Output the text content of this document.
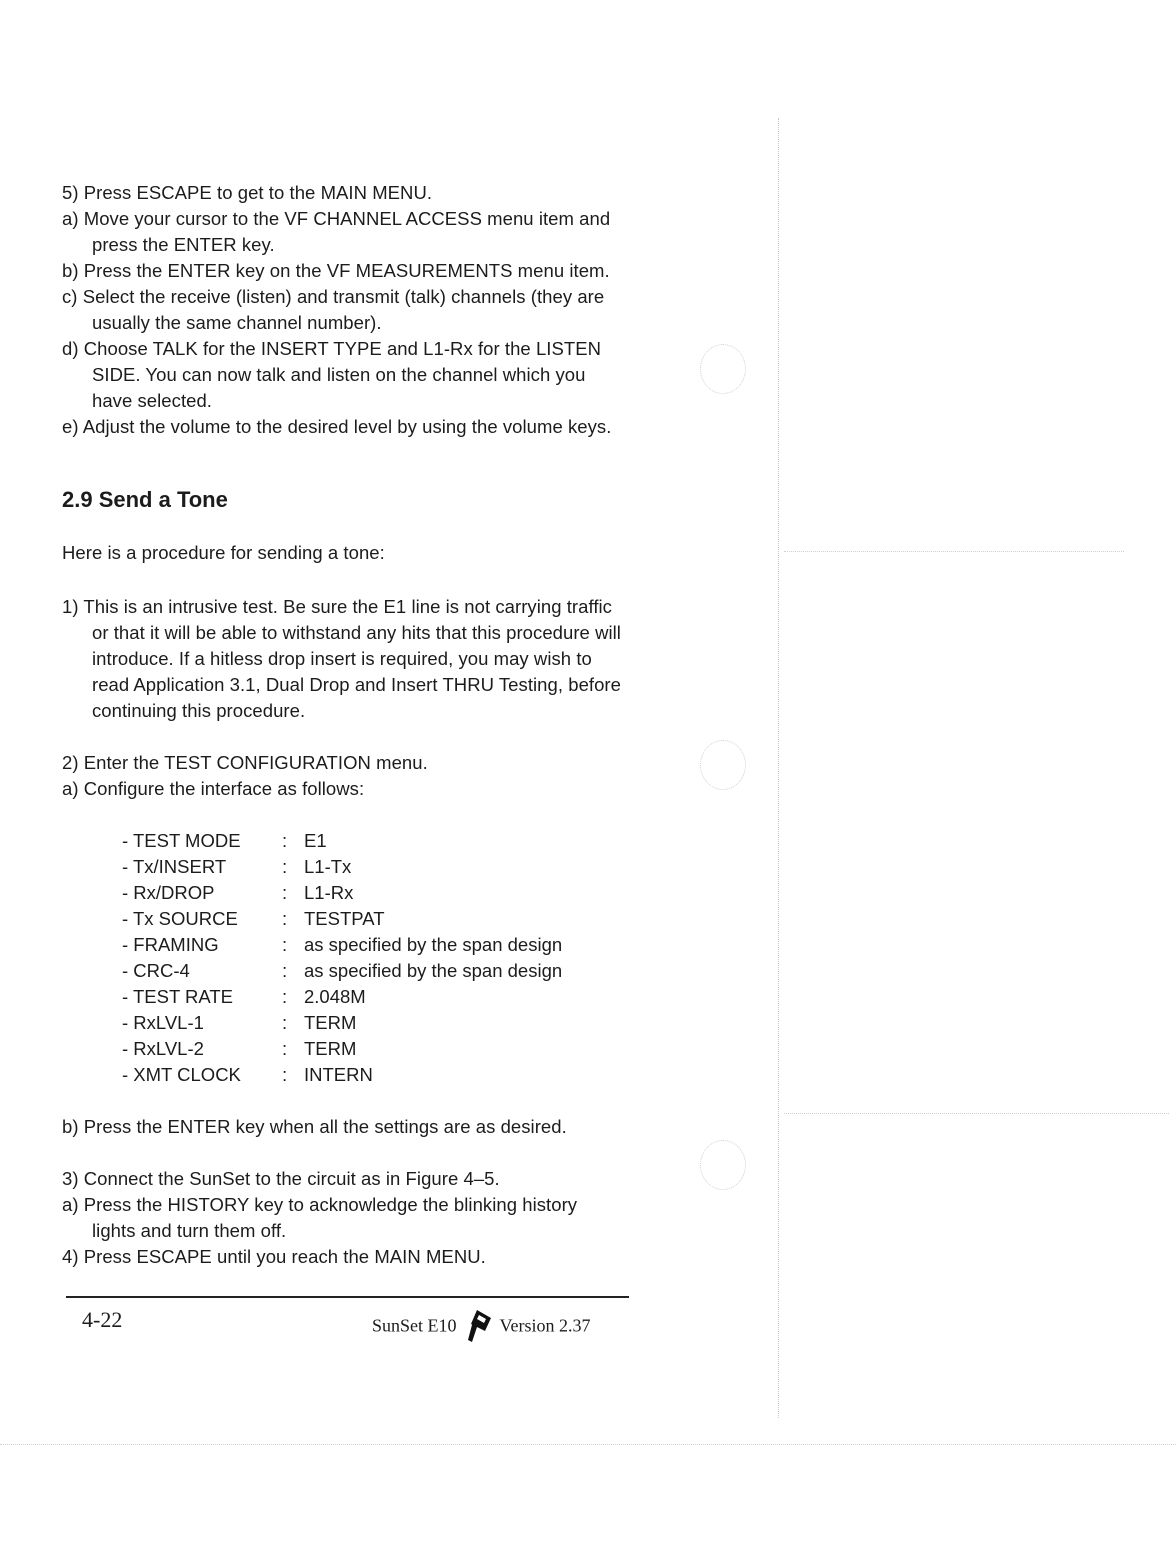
5) Press ESCAPE to get to the MAIN MENU.
a) Move your cursor to the VF CHANNEL ACCESS menu item and
press the ENTER key.
b) Press the ENTER key on the VF MEASUREMENTS menu item.
c) Select the receive (listen) and transmit (talk) channels (they are
usually the same channel number).
d) Choose TALK for the INSERT TYPE and L1-Rx for the LISTEN
SIDE. You can now talk and listen on the channel which you
have selected.
e) Adjust the volume to the desired level by using the volume keys.
2.9 Send a Tone
Here is a procedure for sending a tone:
1) This is an intrusive test. Be sure the E1 line is not carrying traffic
or that it will be able to withstand any hits that this procedure will
introduce. If a hitless drop insert is required, you may wish to
read Application 3.1, Dual Drop and Insert THRU Testing, before
continuing this procedure.
2) Enter the TEST CONFIGURATION menu.
a) Configure the interface as follows:
- TEST MODE : E1
- Tx/INSERT	: L1-Tx
- Rx/DROP	: L1-Rx
- Tx SOURCE : TESTPAT
- FRAMING	: as specified by the span design
- CRC-4	: as specified by the span design
- TEST RATE	: 2.048M
- RxLVL-1	: TERM
- RxLVL-2	: TERM
- XMT CLOCK : INTERN
b) Press the ENTER key when all the settings are as desired.
3) Connect the SunSet to the circuit as in Figure 4–5.
a) Press the HISTORY key to acknowledge the blinking history
lights and turn them off.
4) Press ESCAPE until you reach the MAIN MENU.
4-22	SunSet E10 Version 2.37
